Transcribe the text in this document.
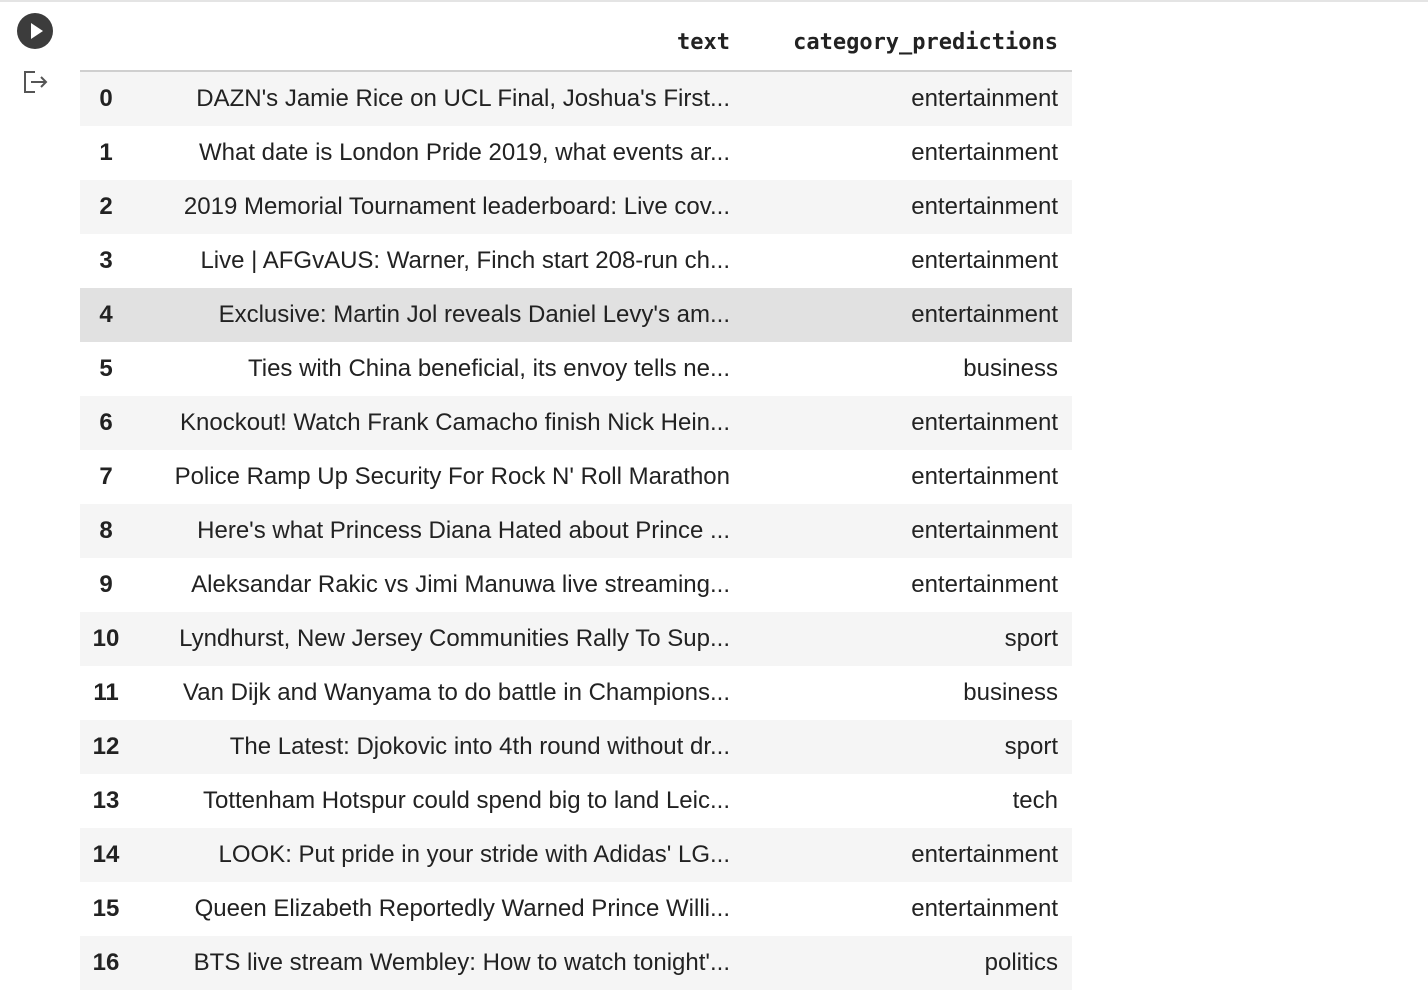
	text	category_predictions
0	DAZN's Jamie Rice on UCL Final, Joshua's First...	entertainment
1	What date is London Pride 2019, what events ar...	entertainment
2	2019 Memorial Tournament leaderboard: Live cov...	entertainment
3	Live | AFGvAUS: Warner, Finch start 208-run ch...	entertainment
4	Exclusive: Martin Jol reveals Daniel Levy's am...	entertainment
5	Ties with China beneficial, its envoy tells ne...	business
6	Knockout! Watch Frank Camacho finish Nick Hein...	entertainment
7	Police Ramp Up Security For Rock N' Roll Marathon	entertainment
8	Here's what Princess Diana Hated about Prince ...	entertainment
9	Aleksandar Rakic vs Jimi Manuwa live streaming...	entertainment
10	Lyndhurst, New Jersey Communities Rally To Sup...	sport
11	Van Dijk and Wanyama to do battle in Champions...	business
12	The Latest: Djokovic into 4th round without dr...	sport
13	Tottenham Hotspur could spend big to land Leic...	tech
14	LOOK: Put pride in your stride with Adidas' LG...	entertainment
15	Queen Elizabeth Reportedly Warned Prince Willi...	entertainment
16	BTS live stream Wembley: How to watch tonight'...	politics
